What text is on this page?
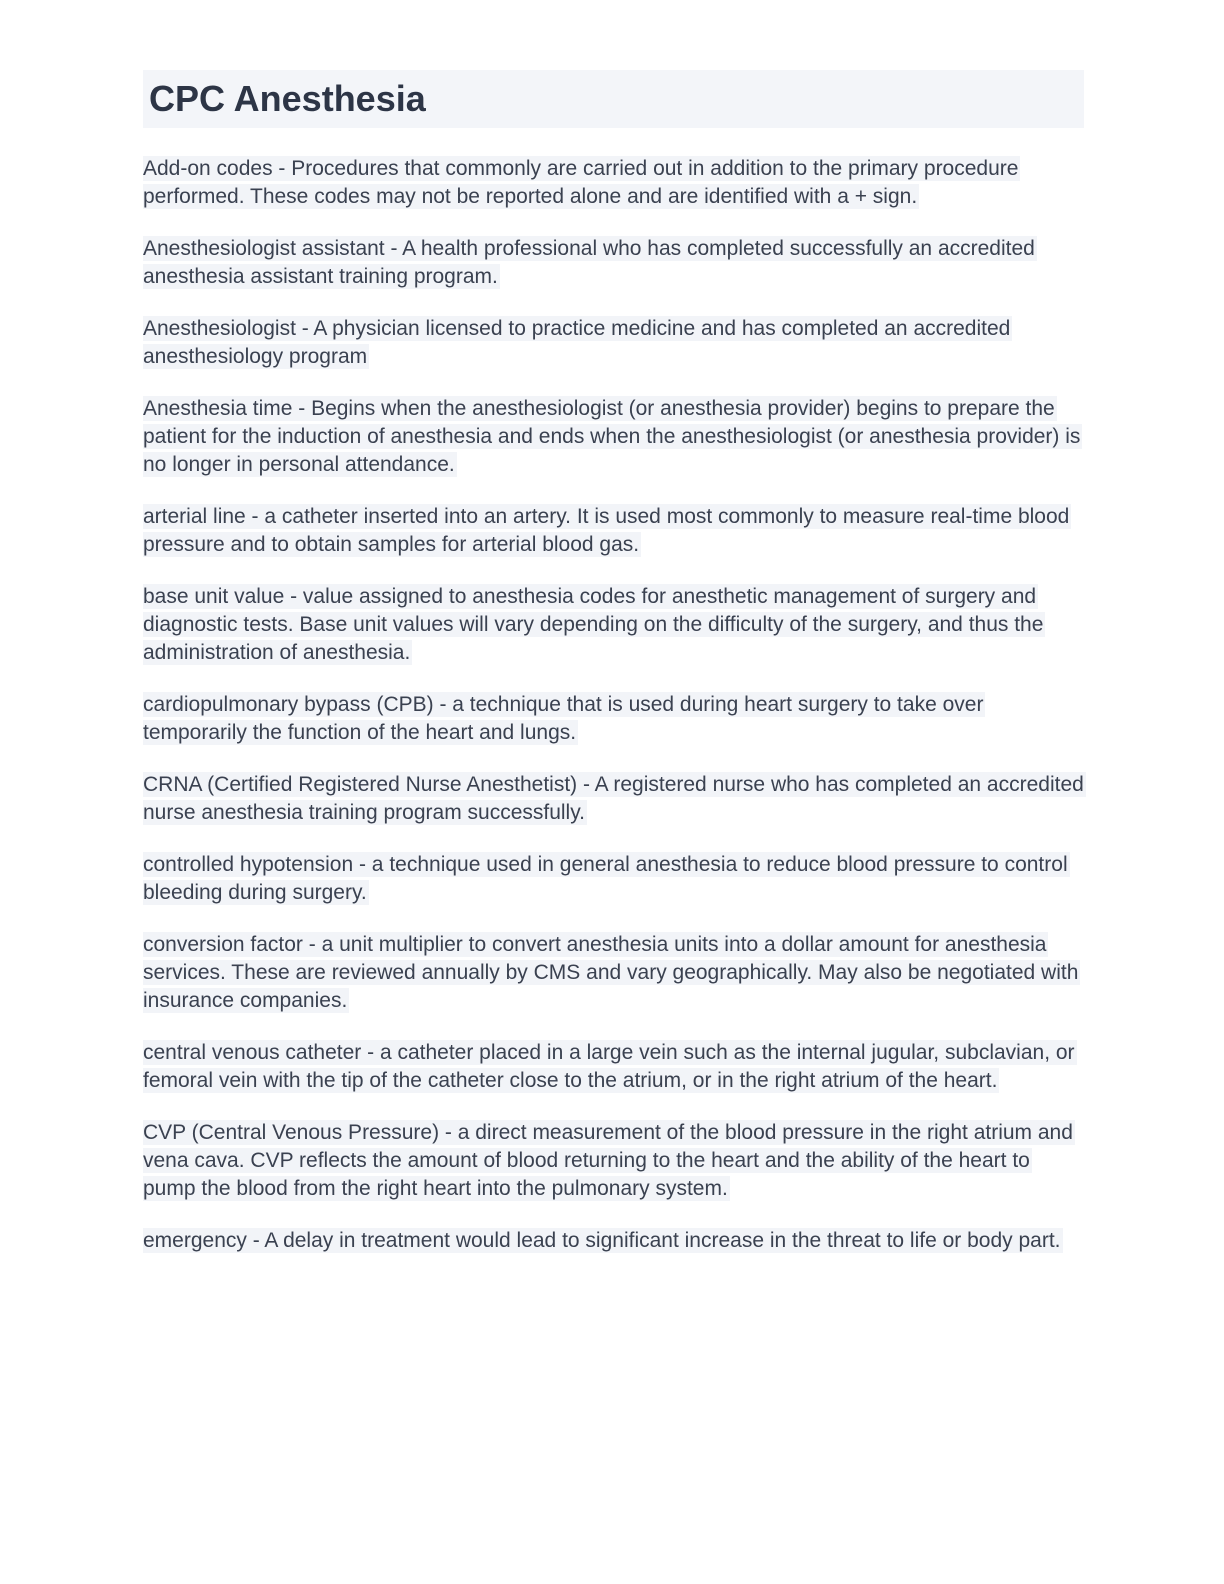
CPC Anesthesia

Add-on codes - Procedures that commonly are carried out in addition to the primary procedure performed. These codes may not be reported alone and are identified with a + sign.

Anesthesiologist assistant - A health professional who has completed successfully an accredited anesthesia assistant training program.

Anesthesiologist - A physician licensed to practice medicine and has completed an accredited anesthesiology program

Anesthesia time - Begins when the anesthesiologist (or anesthesia provider) begins to prepare the patient for the induction of anesthesia and ends when the anesthesiologist (or anesthesia provider) is no longer in personal attendance.

arterial line - a catheter inserted into an artery. It is used most commonly to measure real-time blood pressure and to obtain samples for arterial blood gas.

base unit value - value assigned to anesthesia codes for anesthetic management of surgery and diagnostic tests. Base unit values will vary depending on the difficulty of the surgery, and thus the administration of anesthesia.

cardiopulmonary bypass (CPB) - a technique that is used during heart surgery to take over temporarily the function of the heart and lungs.

CRNA (Certified Registered Nurse Anesthetist) - A registered nurse who has completed an accredited nurse anesthesia training program successfully.

controlled hypotension - a technique used in general anesthesia to reduce blood pressure to control bleeding during surgery.

conversion factor - a unit multiplier to convert anesthesia units into a dollar amount for anesthesia services. These are reviewed annually by CMS and vary geographically. May also be negotiated with insurance companies.

central venous catheter - a catheter placed in a large vein such as the internal jugular, subclavian, or femoral vein with the tip of the catheter close to the atrium, or in the right atrium of the heart.

CVP (Central Venous Pressure) - a direct measurement of the blood pressure in the right atrium and vena cava. CVP reflects the amount of blood returning to the heart and the ability of the heart to pump the blood from the right heart into the pulmonary system.

emergency - A delay in treatment would lead to significant increase in the threat to life or body part.
